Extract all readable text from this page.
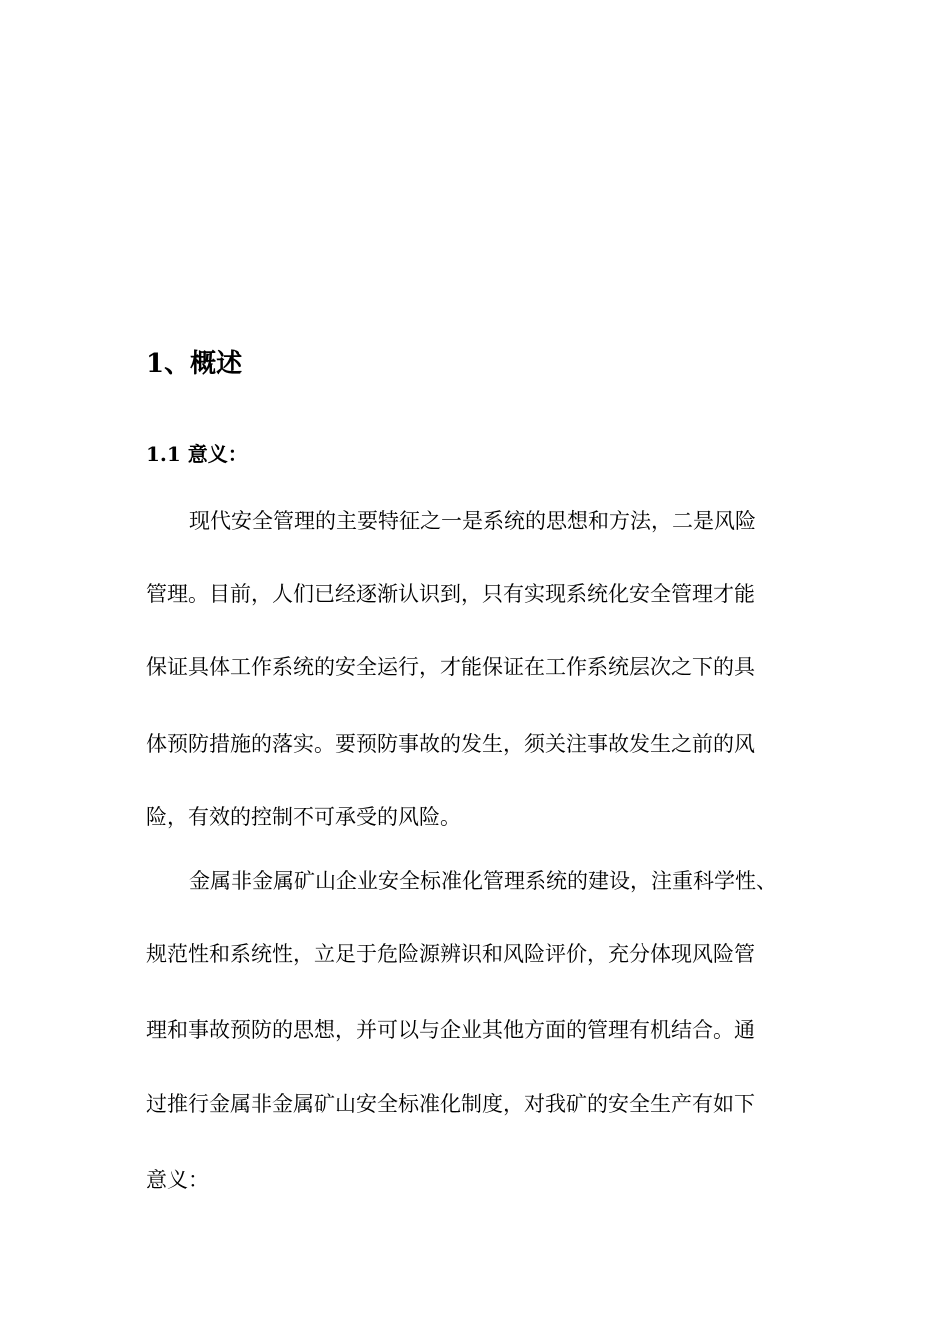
1、概述
1.1 意义：
现代安全管理的主要特征之一是系统的思想和方法，二是风险
管理。目前，人们已经逐渐认识到，只有实现系统化安全管理才能
保证具体工作系统的安全运行，才能保证在工作系统层次之下的具
体预防措施的落实。要预防事故的发生，须关注事故发生之前的风
险，有效的控制不可承受的风险。
金属非金属矿山企业安全标准化管理系统的建设，注重科学性、
规范性和系统性，立足于危险源辨识和风险评价，充分体现风险管
理和事故预防的思想，并可以与企业其他方面的管理有机结合。通
过推行金属非金属矿山安全标准化制度，对我矿的安全生产有如下
意义：
